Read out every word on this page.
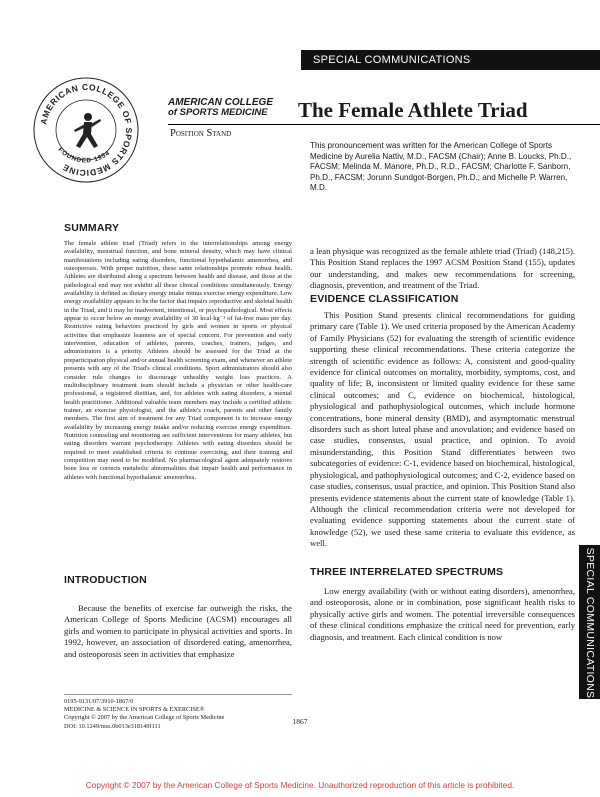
SPECIAL COMMUNICATIONS
AMERICAN COLLEGE OF SPORTS MEDICINE
FOUNDED 1954
AMERICAN COLLEGE
of SPORTS MEDICINE	The Female Athlete Triad
Position Stand
This pronouncement was written for the American College of Sports Medicine by Aurelia Nattiv, M.D., FACSM (Chair); Anne B. Loucks, Ph.D., FACSM; Melinda M. Manore, Ph.D., R.D., FACSM; Charlotte F. Sanborn, Ph.D., FACSM; Jorunn Sundgot-Borgen, Ph.D.; and Michelle P. Warren, M.D.
SUMMARY
The female athlete triad (Triad) refers to the interrelationships among energy availability, menstrual function, and bone mineral density, which may have clinical manifestations including eating disorders, functional hypothalamic amenorrhea, and osteoporosis. With proper nutrition, these same relationships promote robust health. Athletes are distributed along a spectrum between health and disease, and those at the pathological end may not exhibit all these clinical conditions simultaneously. Energy availability is defined as dietary energy intake minus exercise energy expenditure. Low energy availability appears to be the factor that impairs reproductive and skeletal health in the Triad, and it may be inadvertent, intentional, or psychopathological. Most effects appear to occur below an energy availability of 30 kcal·kg⁻¹ of fat-free mass per day. Restrictive eating behaviors practiced by girls and women in sports or physical activities that emphasize leanness are of special concern. For prevention and early intervention, education of athletes, parents, coaches, trainers, judges, and administrators is a priority. Athletes should be assessed for the Triad at the preparticipation physical and/or annual health screening exam, and whenever an athlete presents with any of the Triad's clinical conditions. Sport administrators should also consider rule changes to discourage unhealthy weight loss practices. A multidisciplinary treatment team should include a physician or other health-care professional, a registered dietitian, and, for athletes with eating disorders, a mental health practitioner. Additional valuable team members may include a certified athletic trainer, an exercise physiologist, and the athlete's coach, parents and other family members. The first aim of treatment for any Triad component is to increase energy availability by increasing energy intake and/or reducing exercise energy expenditure. Nutrition counseling and monitoring are sufficient interventions for many athletes, but eating disorders warrant psychotherapy. Athletes with eating disorders should be required to meet established criteria to continue exercising, and their training and competition may need to be modified. No pharmacological agent adequately restores bone loss or corrects metabolic abnormalities that impair health and performance in athletes with functional hypothalamic amenorrhea.
INTRODUCTION

Because the benefits of exercise far outweigh the risks, the American College of Sports Medicine (ACSM) encourages all girls and women to participate in physical activities and sports. In 1992, however, an association of disordered eating, amenorrhea, and osteoporosis seen in activities that emphasize

0195-9131/07/3910-1867/0
MEDICINE & SCIENCE IN SPORTS & EXERCISE®
Copyright © 2007 by the American College of Sports Medicine
DOI: 10.1249/mss.0b013e318149f111

a lean physique was recognized as the female athlete triad (Triad) (148,215). This Position Stand replaces the 1997 ACSM Position Stand (155), updates our understanding, and makes new recommendations for screening, diagnosis, prevention, and treatment of the Triad.

EVIDENCE CLASSIFICATION

This Position Stand presents clinical recommendations for guiding primary care (Table 1). We used criteria proposed by the American Academy of Family Physicians (52) for evaluating the strength of scientific evidence supporting these clinical recommendations. These criteria categorize the strength of scientific evidence as follows: A, consistent and good-quality evidence for clinical outcomes on mortality, morbidity, symptoms, cost, and quality of life; B, inconsistent or limited quality evidence for these same clinical outcomes; and C, evidence on biochemical, histological, physiological and pathophysiological outcomes, which include hormone concentrations, bone mineral density (BMD), and asymptomatic menstrual disorders such as short luteal phase and anovulation; and evidence based on case studies, consensus, usual practice, and opinion. To avoid misunderstanding, this Position Stand differentiates between two subcategories of evidence: C-1, evidence based on biochemical, histological, physiological, and pathophysiological outcomes; and C-2, evidence based on case studies, consensus, usual practice, and opinion. This Position Stand also presents evidence statements about the current state of knowledge (Table 1). Although the clinical recommendation criteria were not developed for evaluating evidence supporting statements about the current state of knowledge (52), we used these same criteria to evaluate this evidence, as well.

THREE INTERRELATED SPECTRUMS

Low energy availability (with or without eating disorders), amenorrhea, and osteoporosis, alone or in combination, pose significant health risks to physically active girls and women. The potential irreversible consequences of these clinical conditions emphasize the critical need for prevention, early diagnosis, and treatment. Each clinical condition is now	SPECIAL COMMUNICATIONS
1867
Copyright © 2007 by the American College of Sports Medicine. Unauthorized reproduction of this article is prohibited.
